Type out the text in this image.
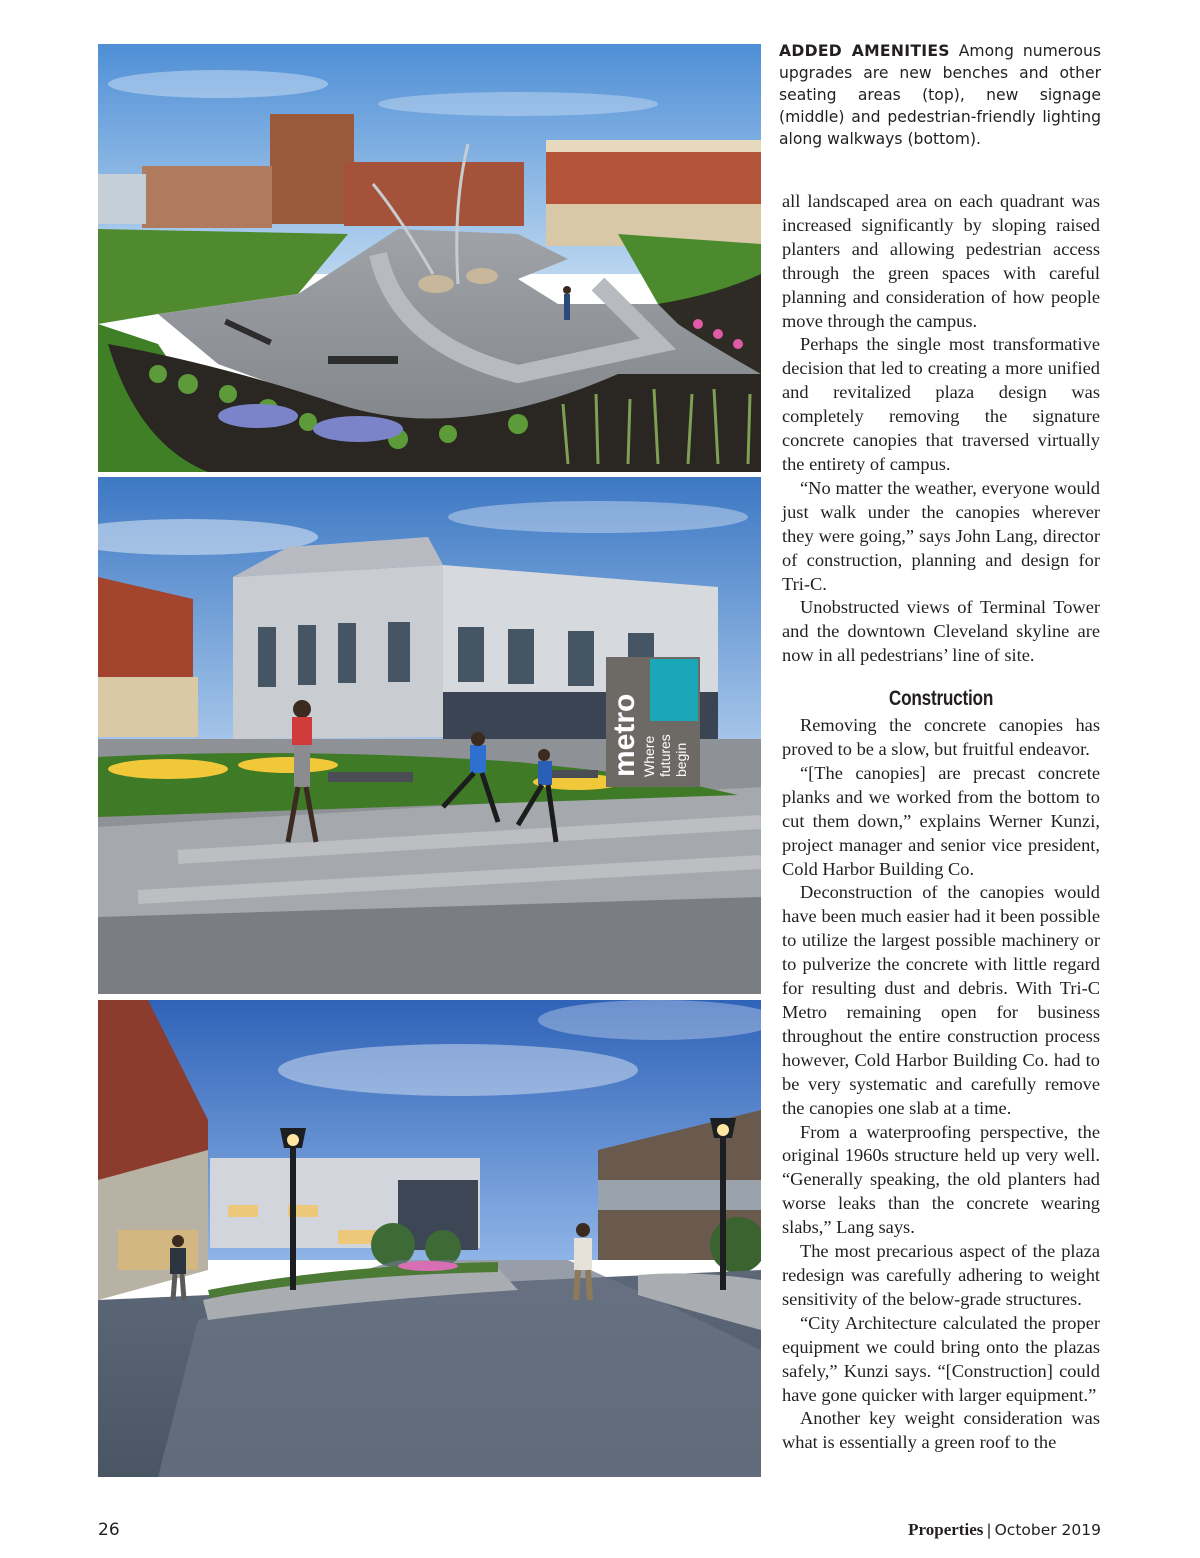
metro Where futures begin
ADDED AMENITIES Among numerous upgrades are new benches and other seating areas (top), new signage (middle) and pedestrian-friendly lighting along walkways (bottom).

all landscaped area on each quadrant was increased significantly by sloping raised planters and allowing pedestrian access through the green spaces with careful planning and consideration of how people move through the campus.

Perhaps the single most transformative decision that led to creating a more unified and revitalized plaza design was completely removing the signature concrete canopies that traversed virtually the entirety of campus.

“No matter the weather, everyone would just walk under the canopies wherever they were going,” says John Lang, director of construction, planning and design for Tri-C.

Unobstructed views of Terminal Tower and the downtown Cleveland skyline are now in all pedestrians’ line of site.

Construction

Removing the concrete canopies has proved to be a slow, but fruitful endeavor.

“[The canopies] are precast concrete planks and we worked from the bottom to cut them down,” explains Werner Kunzi, project manager and senior vice president, Cold Harbor Building Co.

Deconstruction of the canopies would have been much easier had it been possible to utilize the largest possible machinery or to pulverize the concrete with little regard for resulting dust and debris. With Tri-C Metro remaining open for business throughout the entire construction process however, Cold Harbor Building Co. had to be very systematic and carefully remove the canopies one slab at a time.

From a waterproofing perspective, the original 1960s structure held up very well. “Generally speaking, the old planters had worse leaks than the concrete wearing slabs,” Lang says.

The most precarious aspect of the plaza redesign was carefully adhering to weight sensitivity of the below-grade structures.

“City Architecture calculated the proper equipment we could bring onto the plazas safely,” Kunzi says. “[Construction] could have gone quicker with larger equipment.”

Another key weight consideration was what is essentially a green roof to the

26	Properties | October 2019
